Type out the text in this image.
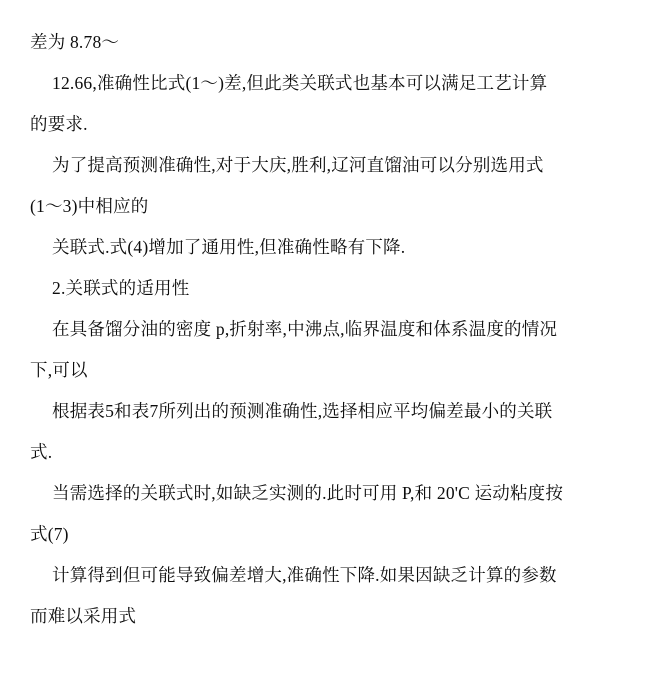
差为 8.78～

12.66,准确性比式(1～)差,但此类关联式也基本可以满足工艺计算

的要求.

为了提高预测准确性,对于大庆,胜利,辽河直馏油可以分别选用式

(1～3)中相应的

关联式.式(4)增加了通用性,但准确性略有下降.

2.关联式的适用性

在具备馏分油的密度 p,折射率,中沸点,临界温度和体系温度的情况

下,可以

根据表5和表7所列出的预测准确性,选择相应平均偏差最小的关联

式.

当需选择的关联式时,如缺乏实测的.此时可用 P,和 20'C 运动粘度按

式(7)

计算得到但可能导致偏差增大,准确性下降.如果因缺乏计算的参数

而难以采用式
